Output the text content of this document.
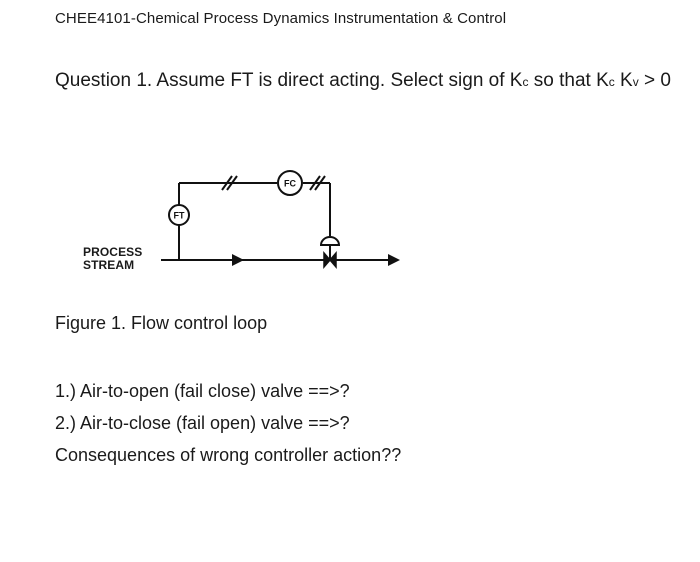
CHEE4101-Chemical Process Dynamics Instrumentation & Control
Question 1. Assume FT is direct acting. Select sign of Kc so that Kc Kv > 0
FT
FC
PROCESS
STREAM
Figure 1. Flow control loop
1.) Air-to-open (fail close) valve ==>?
2.) Air-to-close (fail open) valve ==>?
Consequences of wrong controller action??
